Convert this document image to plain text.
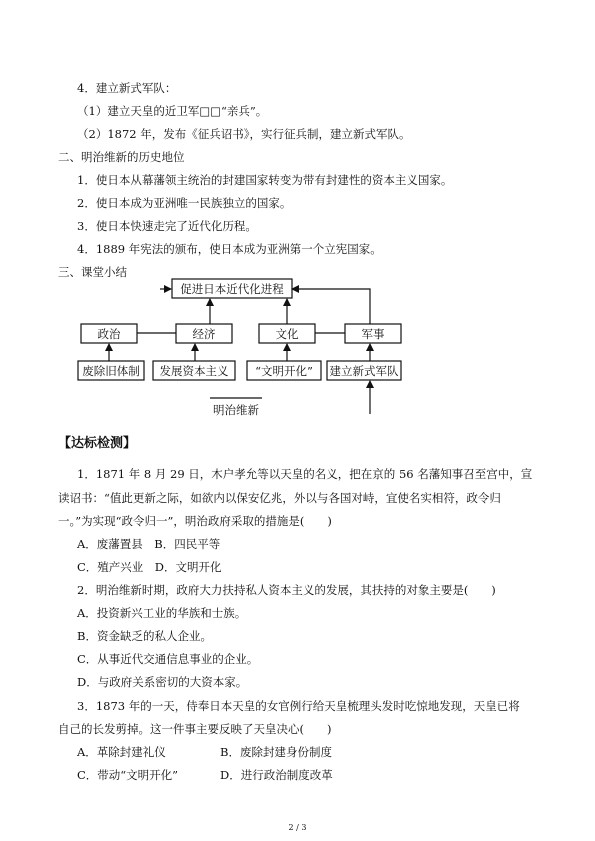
4．建立新式军队：
（1）建立天皇的近卫军□□“亲兵”。
（2）1872 年，发布《征兵诏书》，实行征兵制，建立新式军队。
二、明治维新的历史地位
1．使日本从幕藩领主统治的封建国家转变为带有封建性的资本主义国家。
2．使日本成为亚洲唯一民族独立的国家。
3．使日本快速走完了近代化历程。
4．1889 年宪法的颁布，使日本成为亚洲第一个立宪国家。
三、课堂小结
促进日本近代化进程
政治	经济	文化	军事
废除旧体制 发展资本主义 “文明开化” 建立新式军队
明治维新
【达标检测】
1．1871 年 8 月 29 日，木户孝允等以天皇的名义，把在京的 56 名藩知事召至宫中，宣
读诏书：“值此更新之际，如欲内以保安亿兆，外以与各国对峙，宜使名实相符，政令归
一。”为实现“政令归一”，明治政府采取的措施是(　　)
A．废藩置县　B．四民平等
C．殖产兴业　D．文明开化
2．明治维新时期，政府大力扶持私人资本主义的发展，其扶持的对象主要是(　　)
A．投资新兴工业的华族和士族。
B．资金缺乏的私人企业。
C．从事近代交通信息事业的企业。
D．与政府关系密切的大资本家。
3．1873 年的一天，侍奉日本天皇的女官例行给天皇梳理头发时吃惊地发现，天皇已将
自己的长发剪掉。这一件事主要反映了天皇决心(　　)
A．革除封建礼仪	B．废除封建身份制度
C．带动“文明开化”	D．进行政治制度改革
2 / 3
